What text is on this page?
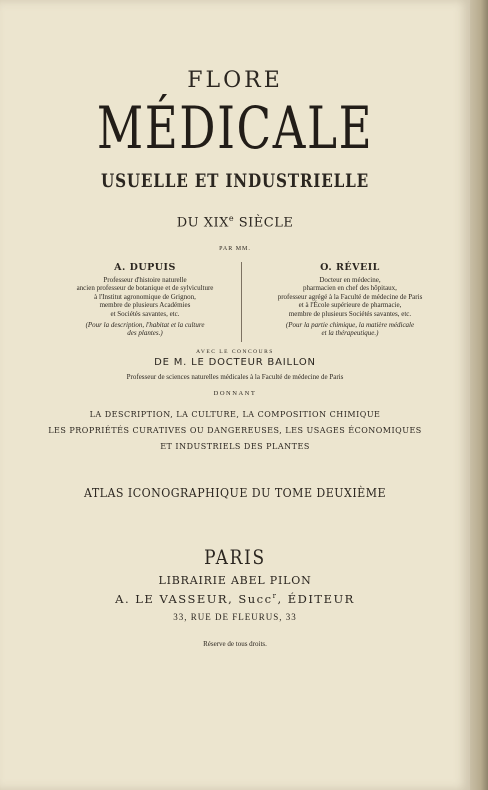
FLORE
MÉDICALE
USUELLE ET INDUSTRIELLE
DU XIXe SIÈCLE
PAR MM.
A. DUPUIS
Professeur d'histoire naturelle
ancien professeur de botanique et de sylviculture
à l'Institut agronomique de Grignon,
membre de plusieurs Académies
et Sociétés savantes, etc.
(Pour la description, l'habitat et la culture
des plantes.)
O. RÉVEIL
Docteur en médecine,
pharmacien en chef des hôpitaux,
professeur agrégé à la Faculté de médecine de Paris
et à l'École supérieure de pharmacie,
membre de plusieurs Sociétés savantes, etc.
(Pour la partie chimique, la matière médicale
et la thérapeutique.)
AVEC LE CONCOURS
DE M. LE DOCTEUR BAILLON
Professeur de sciences naturelles médicales à la Faculté de médecine de Paris
DONNANT
LA DESCRIPTION, LA CULTURE, LA COMPOSITION CHIMIQUE
LES PROPRIÉTÉS CURATIVES OU DANGEREUSES, LES USAGES ÉCONOMIQUES
ET INDUSTRIELS DES PLANTES
ATLAS ICONOGRAPHIQUE DU TOME DEUXIÈME
PARIS
LIBRAIRIE ABEL PILON
A. LE VASSEUR, Succ$^r$, ÉDITEUR
33, RUE DE FLEURUS, 33
Réserve de tous droits.
